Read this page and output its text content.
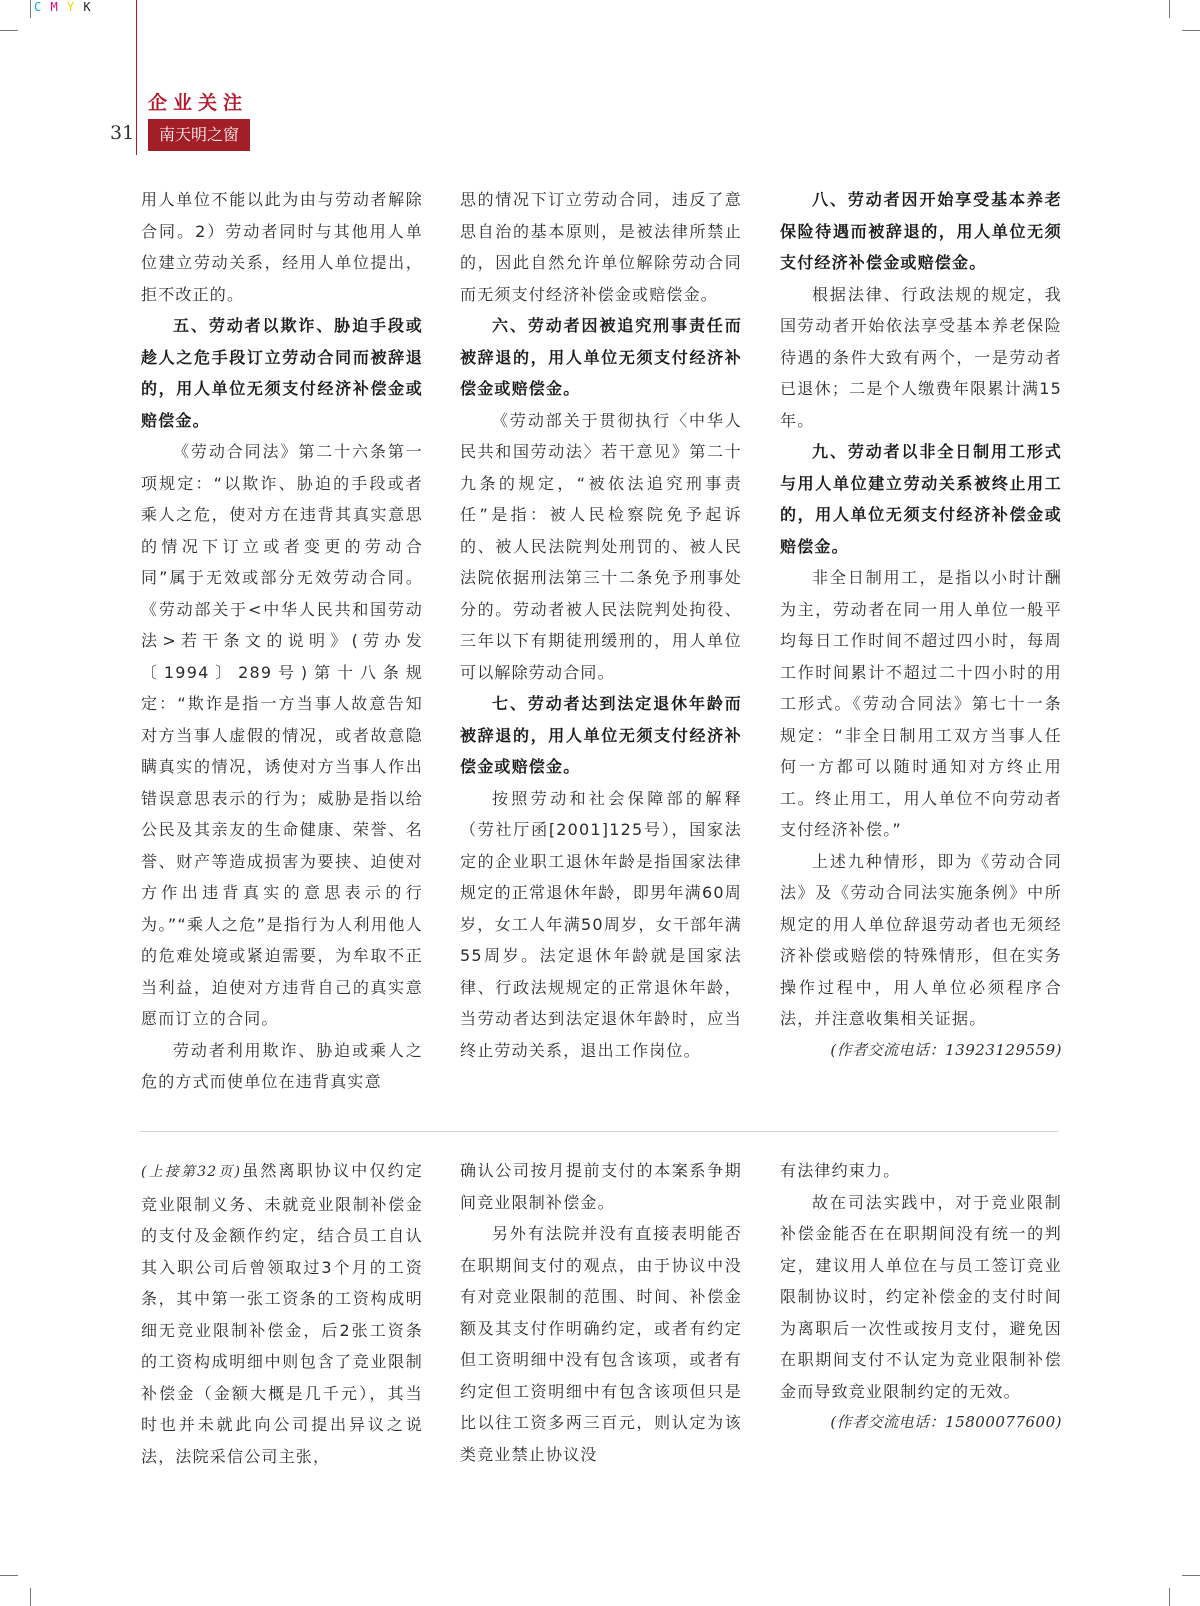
C M Y K
企业关注
31	南天明之窗

用人单位不能以此为由与劳动者解除合同。2）劳动者同时与其他用人单位建立劳动关系，经用人单位提出，拒不改正的。

五、劳动者以欺诈、胁迫手段或趁人之危手段订立劳动合同而被辞退的，用人单位无须支付经济补偿金或赔偿金。

《劳动合同法》第二十六条第一项规定：“以欺诈、胁迫的手段或者乘人之危，使对方在违背其真实意思的情况下订立或者变更的劳动合同”属于无效或部分无效劳动合同。《劳动部关于<中华人民共和国劳动法>若干条文的说明》(劳办发〔1994〕289号)第十八条规定：“欺诈是指一方当事人故意告知对方当事人虚假的情况，或者故意隐瞒真实的情况，诱使对方当事人作出错误意思表示的行为；威胁是指以给公民及其亲友的生命健康、荣誉、名誉、财产等造成损害为要挟、迫使对方作出违背真实的意思表示的行为。”“乘人之危”是指行为人利用他人的危难处境或紧迫需要，为牟取不正当利益，迫使对方违背自己的真实意愿而订立的合同。

劳动者利用欺诈、胁迫或乘人之危的方式而使单位在违背真实意

思的情况下订立劳动合同，违反了意思自治的基本原则，是被法律所禁止的，因此自然允许单位解除劳动合同而无须支付经济补偿金或赔偿金。

六、劳动者因被追究刑事责任而被辞退的，用人单位无须支付经济补偿金或赔偿金。

《劳动部关于贯彻执行〈中华人民共和国劳动法〉若干意见》第二十九条的规定，“被依法追究刑事责任”是指：被人民检察院免予起诉的、被人民法院判处刑罚的、被人民法院依据刑法第三十二条免予刑事处分的。劳动者被人民法院判处拘役、三年以下有期徒刑缓刑的，用人单位可以解除劳动合同。

七、劳动者达到法定退休年龄而被辞退的，用人单位无须支付经济补偿金或赔偿金。

按照劳动和社会保障部的解释（劳社厅函[2001]125号），国家法定的企业职工退休年龄是指国家法律规定的正常退休年龄，即男年满60周岁，女工人年满50周岁，女干部年满55周岁。法定退休年龄就是国家法律、行政法规规定的正常退休年龄，当劳动者达到法定退休年龄时，应当终止劳动关系，退出工作岗位。

八、劳动者因开始享受基本养老保险待遇而被辞退的，用人单位无须支付经济补偿金或赔偿金。

根据法律、行政法规的规定，我国劳动者开始依法享受基本养老保险待遇的条件大致有两个，一是劳动者已退休；二是个人缴费年限累计满15年。

九、劳动者以非全日制用工形式与用人单位建立劳动关系被终止用工的，用人单位无须支付经济补偿金或赔偿金。

非全日制用工，是指以小时计酬为主，劳动者在同一用人单位一般平均每日工作时间不超过四小时，每周工作时间累计不超过二十四小时的用工形式。《劳动合同法》第七十一条规定：“非全日制用工双方当事人任何一方都可以随时通知对方终止用工。终止用工，用人单位不向劳动者支付经济补偿。”

上述九种情形，即为《劳动合同法》及《劳动合同法实施条例》中所规定的用人单位辞退劳动者也无须经济补偿或赔偿的特殊情形，但在实务操作过程中，用人单位必须程序合法，并注意收集相关证据。

(作者交流电话：13923129559)

(上接第32页)虽然离职协议中仅约定竞业限制义务、未就竞业限制补偿金的支付及金额作约定，结合员工自认其入职公司后曾领取过3个月的工资条，其中第一张工资条的工资构成明细无竞业限制补偿金，后2张工资条的工资构成明细中则包含了竞业限制补偿金（金额大概是几千元），其当时也并未就此向公司提出异议之说法，法院采信公司主张，

确认公司按月提前支付的本案系争期间竞业限制补偿金。

另外有法院并没有直接表明能否在职期间支付的观点，由于协议中没有对竞业限制的范围、时间、补偿金额及其支付作明确约定，或者有约定但工资明细中没有包含该项，或者有约定但工资明细中有包含该项但只是比以往工资多两三百元，则认定为该类竞业禁止协议没

有法律约束力。

故在司法实践中，对于竞业限制补偿金能否在在职期间没有统一的判定，建议用人单位在与员工签订竞业限制协议时，约定补偿金的支付时间为离职后一次性或按月支付，避免因在职期间支付不认定为竞业限制补偿金而导致竞业限制约定的无效。

(作者交流电话：15800077600)
